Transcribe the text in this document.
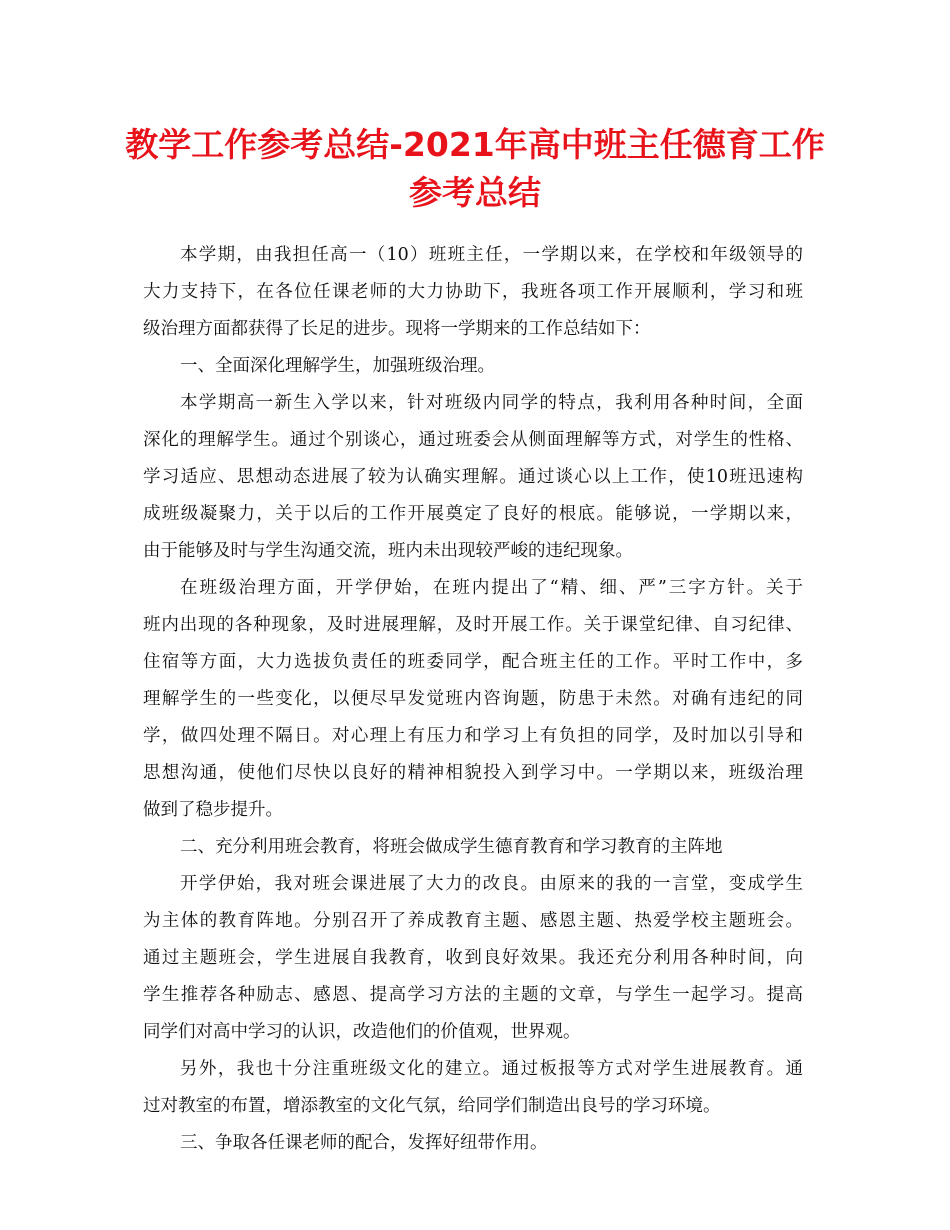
教学工作参考总结-2021年高中班主任德育工作
参考总结
本学期，由我担任高一（10）班班主任，一学期以来，在学校和年级领导的
大力支持下，在各位任课老师的大力协助下，我班各项工作开展顺利，学习和班
级治理方面都获得了长足的进步。现将一学期来的工作总结如下：
一、全面深化理解学生，加强班级治理。
本学期高一新生入学以来，针对班级内同学的特点，我利用各种时间，全面
深化的理解学生。通过个别谈心，通过班委会从侧面理解等方式，对学生的性格、
学习适应、思想动态进展了较为认确实理解。通过谈心以上工作，使10班迅速构
成班级凝聚力，关于以后的工作开展奠定了良好的根底。能够说，一学期以来，
由于能够及时与学生沟通交流，班内未出现较严峻的违纪现象。
在班级治理方面，开学伊始，在班内提出了“精、细、严”三字方针。关于
班内出现的各种现象，及时进展理解，及时开展工作。关于课堂纪律、自习纪律、
住宿等方面，大力选拔负责任的班委同学，配合班主任的工作。平时工作中，多
理解学生的一些变化，以便尽早发觉班内咨询题，防患于未然。对确有违纪的同
学，做四处理不隔日。对心理上有压力和学习上有负担的同学，及时加以引导和
思想沟通，使他们尽快以良好的精神相貌投入到学习中。一学期以来，班级治理
做到了稳步提升。
二、充分利用班会教育，将班会做成学生德育教育和学习教育的主阵地
开学伊始，我对班会课进展了大力的改良。由原来的我的一言堂，变成学生
为主体的教育阵地。分别召开了养成教育主题、感恩主题、热爱学校主题班会。
通过主题班会，学生进展自我教育，收到良好效果。我还充分利用各种时间，向
学生推荐各种励志、感恩、提高学习方法的主题的文章，与学生一起学习。提高
同学们对高中学习的认识，改造他们的价值观，世界观。
另外，我也十分注重班级文化的建立。通过板报等方式对学生进展教育。通
过对教室的布置，增添教室的文化气氛，给同学们制造出良号的学习环境。
三、争取各任课老师的配合，发挥好纽带作用。
